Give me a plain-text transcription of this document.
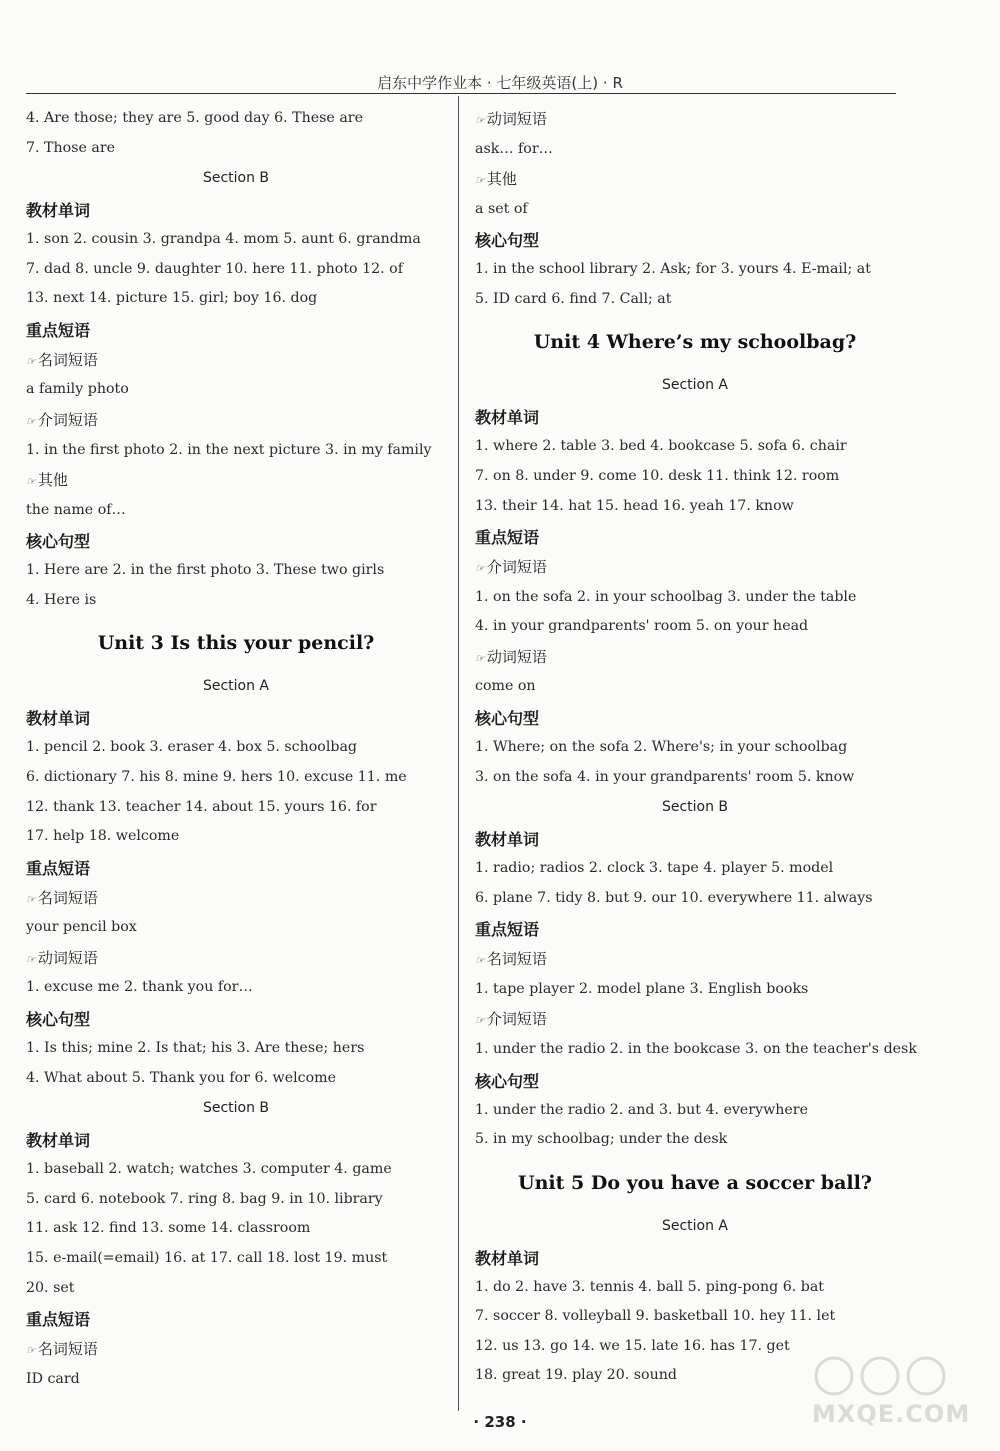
启东中学作业本 · 七年级英语(上) · R
4. Are those; they are 5. good day 6. These are
7. Those are
Section B
教材单词
1. son 2. cousin 3. grandpa 4. mom 5. aunt 6. grandma
7. dad 8. uncle 9. daughter 10. here 11. photo 12. of
13. next 14. picture 15. girl; boy 16. dog
重点短语
☞ 名词短语
a family photo
☞ 介词短语
1. in the first photo 2. in the next picture 3. in my family
☞ 其他
the name of…
核心句型
1. Here are 2. in the first photo 3. These two girls
4. Here is
Unit 3 Is this your pencil?
Section A
教材单词
1. pencil 2. book 3. eraser 4. box 5. schoolbag
6. dictionary 7. his 8. mine 9. hers 10. excuse 11. me
12. thank 13. teacher 14. about 15. yours 16. for
17. help 18. welcome
重点短语
☞ 名词短语
your pencil box
☞ 动词短语
1. excuse me 2. thank you for…
核心句型
1. Is this; mine 2. Is that; his 3. Are these; hers
4. What about 5. Thank you for 6. welcome
Section B
教材单词
1. baseball 2. watch; watches 3. computer 4. game
5. card 6. notebook 7. ring 8. bag 9. in 10. library
11. ask 12. find 13. some 14. classroom
15. e-mail(=email) 16. at 17. call 18. lost 19. must
20. set
重点短语
☞ 名词短语
ID card
☞ 动词短语
ask… for…
☞ 其他
a set of
核心句型
1. in the school library 2. Ask; for 3. yours 4. E-mail; at
5. ID card 6. find 7. Call; at
Unit 4 Where’s my schoolbag?
Section A
教材单词
1. where 2. table 3. bed 4. bookcase 5. sofa 6. chair
7. on 8. under 9. come 10. desk 11. think 12. room
13. their 14. hat 15. head 16. yeah 17. know
重点短语
☞ 介词短语
1. on the sofa 2. in your schoolbag 3. under the table
4. in your grandparents' room 5. on your head
☞ 动词短语
come on
核心句型
1. Where; on the sofa 2. Where's; in your schoolbag
3. on the sofa 4. in your grandparents' room 5. know
Section B
教材单词
1. radio; radios 2. clock 3. tape 4. player 5. model
6. plane 7. tidy 8. but 9. our 10. everywhere 11. always
重点短语
☞ 名词短语
1. tape player 2. model plane 3. English books
☞ 介词短语
1. under the radio 2. in the bookcase 3. on the teacher's desk
核心句型
1. under the radio 2. and 3. but 4. everywhere
5. in my schoolbag; under the desk
Unit 5 Do you have a soccer ball?
Section A
教材单词
1. do 2. have 3. tennis 4. ball 5. ping-pong 6. bat
7. soccer 8. volleyball 9. basketball 10. hey 11. let
12. us 13. go 14. we 15. late 16. has 17. get
18. great 19. play 20. sound
· 238 ·	MXQE.COM
